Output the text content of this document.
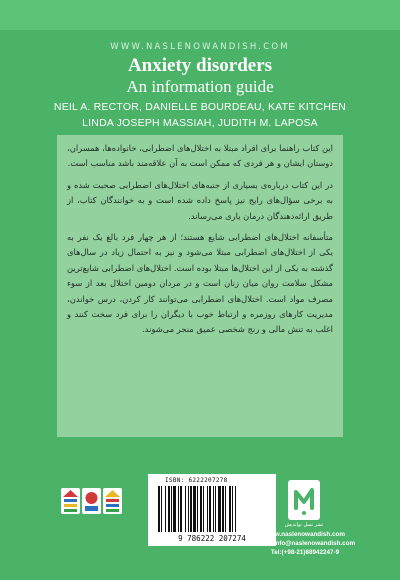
WWW.NASLENOWANDISH.COM
Anxiety disorders
An information guide
NEIL A. RECTOR, DANIELLE BOURDEAU, KATE KITCHEN
LINDA JOSEPH MASSIAH, JUDITH M. LAPOSA

این کتاب راهنما برای افراد مبتلا به اختلال‌های اضطرابی، خانواده‌ها، همسران، دوستان ایشان و هر فردی که ممکن است به آن علاقه‌مند باشد مناسب است.

در این کتاب درباره‌ی بسیاری از جنبه‌های اختلال‌های اضطرابی صحبت شده و به برخی سؤال‌های رایج نیز پاسخ داده شده است و به خوانندگان کتاب، از طریق ارائه‌دهندگان درمان یاری می‌رساند.

متأسفانه اختلال‌های اضطرابی شایع هستند؛ از هر چهار فرد بالغ یک نفر به یکی از اختلال‌های اضطرابی مبتلا می‌شود و نیز به احتمال زیاد در سال‌های گذشته به یکی از این اختلال‌ها مبتلا بوده است. اختلال‌های اضطرابی شایع‌ترین مشکل سلامت روان میان زنان است و در مردان دومین اختلال بعد از سوء مصرف مواد است. اختلال‌های اضطرابی می‌توانند کار کردن، درس خواندن، مدیریت کارهای روزمره و ارتباط خوب با دیگران را برای فرد سخت کنند و اغلب به تنش مالی و رنج شخصی عمیق منجر می‌شوند.

ISBN: 6222207278
9 786222 207274
نشر نسل نواندیش
www.naslenowandish.com
Email:info@naslenowandish.com
Tel:(+98-21)88942247-9
